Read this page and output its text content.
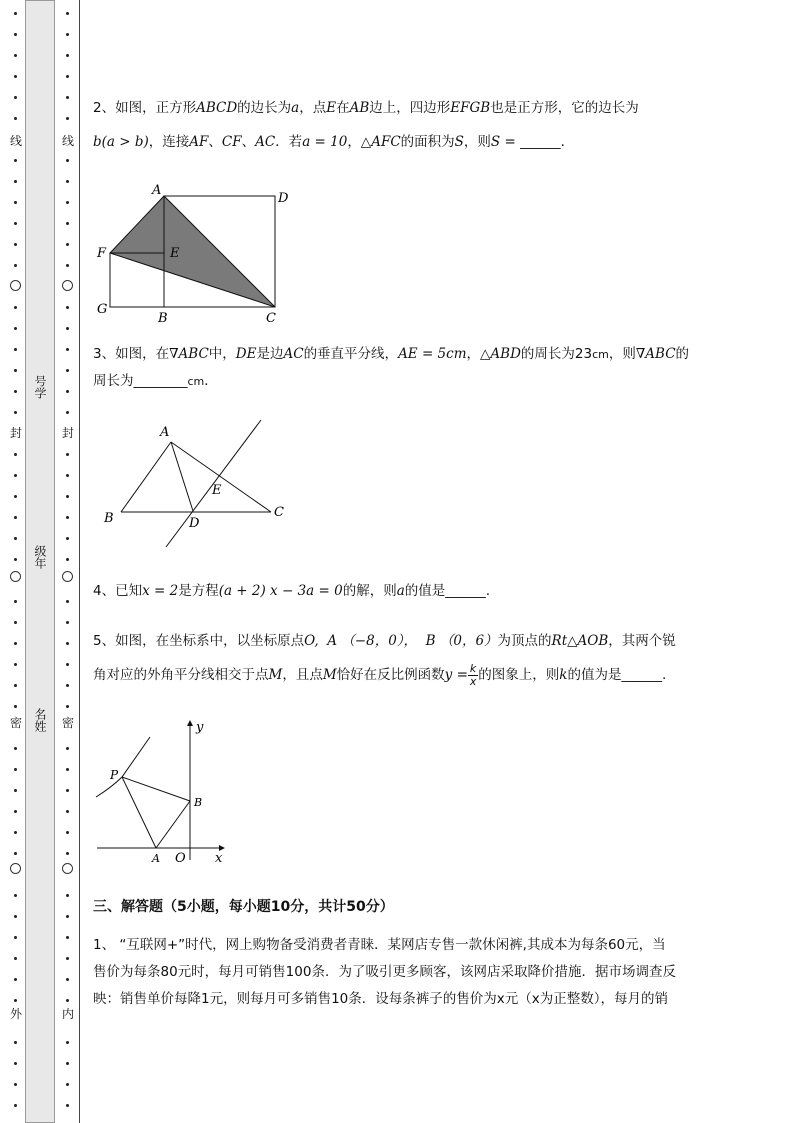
线
封
密
外
号学
级年
名姓
线
封
密
内
2、如图，正方形ABCD的边长为a，点E在AB边上，四边形EFGB也是正方形，它的边长为
b(a > b)，连接AF、CF、AC．若a = 10，△AFC的面积为S，则S = ______．
A
D
F	E
G
B	C
3、如图，在∇ABC中，DE是边AC的垂直平分线，AE = 5cm，△ABD的周长为23cm，则∇ABC的
周长为________cm．
A
B	C
D
E
4、已知x = 2是方程(a + 2) x − 3a = 0的解，则a的值是______.
5、如图，在坐标系中，以坐标原点O, A （−8，0）， B （0，6）为顶点的Rt△AOB，其两个锐
角对应的外角平分线相交于点M，且点M恰好在反比例函数$y = \frac{k}{x}$ 的图象上，则k的值为是______.
y
x
P
B
A O
三、解答题（5小题，每小题10分，共计50分）
1、 “互联网+”时代，网上购物备受消费者青睐．某网店专售一款休闲裤,其成本为每条60元，当
售价为每条80元时，每月可销售100条．为了吸引更多顾客，该网店采取降价措施．据市场调查反
映：销售单价每降1元，则每月可多销售10条．设每条裤子的售价为x元（x为正整数），每月的销
